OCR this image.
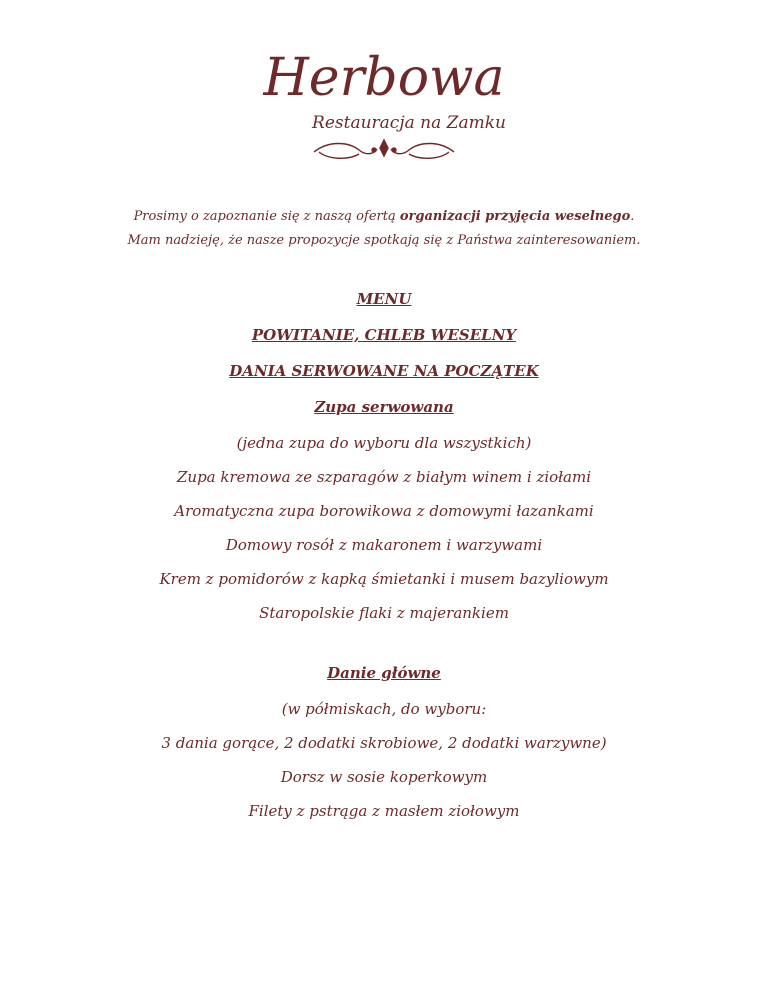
Herbowa
Restauracja na Zamku
Prosimy o zapoznanie się z naszą ofertą organizacji przyjęcia weselnego.
Mam nadzieję, że nasze propozycje spotkają się z Państwa zainteresowaniem.
MENU
POWITANIE, CHLEB WESELNY
DANIA SERWOWANE NA POCZĄTEK
Zupa serwowana
(jedna zupa do wyboru dla wszystkich)
Zupa kremowa ze szparagów z białym winem i ziołami
Aromatyczna zupa borowikowa z domowymi łazankami
Domowy rosół z makaronem i warzywami
Krem z pomidorów z kapką śmietanki i musem bazyliowym
Staropolskie flaki z majerankiem
Danie główne
(w półmiskach, do wyboru:
3 dania gorące, 2 dodatki skrobiowe, 2 dodatki warzywne)
Dorsz w sosie koperkowym
Filety z pstrąga z masłem ziołowym
